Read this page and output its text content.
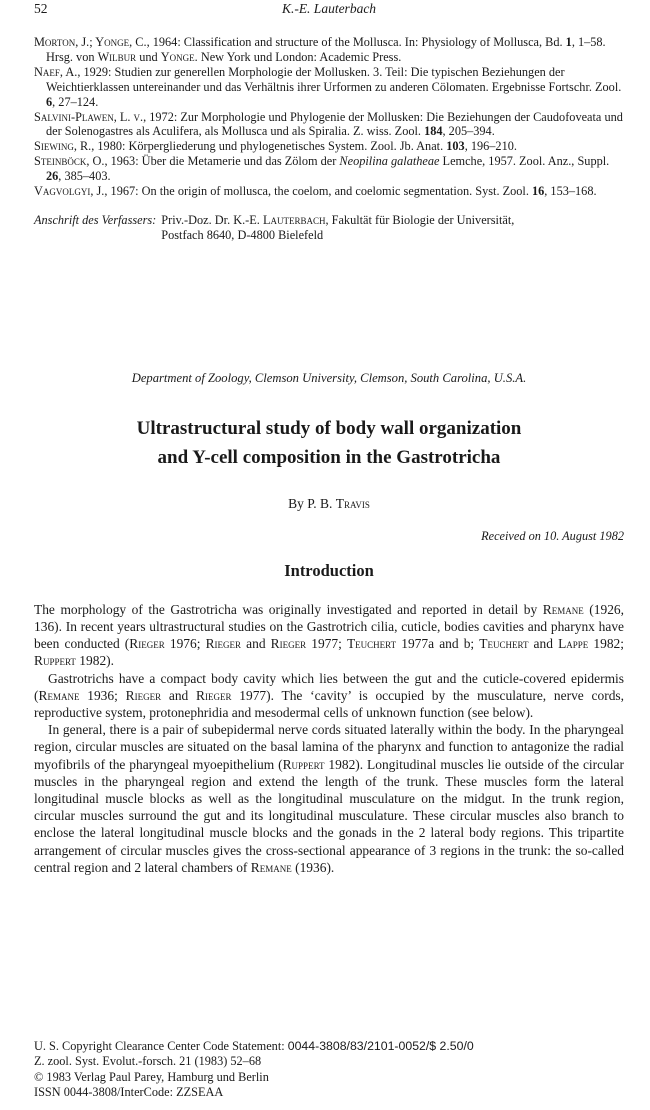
52	K.-E. Lauterbach
Morton, J.; Yonge, C., 1964: Classification and structure of the Mollusca. In: Physiology of Mollusca, Bd. 1, 1–58. Hrsg. von Wilbur und Yonge. New York und London: Academic Press.
Naef, A., 1929: Studien zur generellen Morphologie der Mollusken. 3. Teil: Die typischen Beziehungen der Weichtierklassen untereinander und das Verhältnis ihrer Urformen zu anderen Cölomaten. Ergebnisse Fortschr. Zool. 6, 27–124.
Salvini-Plawen, L. v., 1972: Zur Morphologie und Phylogenie der Mollusken: Die Beziehungen der Caudofoveata und der Solenogastres als Aculifera, als Mollusca und als Spiralia. Z. wiss. Zool. 184, 205–394.
Siewing, R., 1980: Körpergliederung und phylogenetisches System. Zool. Jb. Anat. 103, 196–210.
Steinböck, O., 1963: Über die Metamerie und das Zölom der Neopilina galatheae Lemche, 1957. Zool. Anz., Suppl. 26, 385–403.
Vagvolgyi, J., 1967: On the origin of mollusca, the coelom, and coelomic segmentation. Syst. Zool. 16, 153–168.
Anschrift des Verfassers: Priv.-Doz. Dr. K.-E. Lauterbach, Fakultät für Biologie der Universität,
Postfach 8640, D-4800 Bielefeld
Department of Zoology, Clemson University, Clemson, South Carolina, U.S.A.
Ultrastructural study of body wall organization
and Y-cell composition in the Gastrotricha
By P. B. Travis
Received on 10. August 1982
Introduction

The morphology of the Gastrotricha was originally investigated and reported in detail by Remane (1926, 136). In recent years ultrastructural studies on the Gastrotrich cilia, cuticle, bodies cavities and pharynx have been conducted (Rieger 1976; Rieger and Rieger 1977; Teuchert 1977a and b; Teuchert and Lappe 1982; Ruppert 1982).

Gastrotrichs have a compact body cavity which lies between the gut and the cuticle-covered epidermis (Remane 1936; Rieger and Rieger 1977). The ‘cavity’ is occupied by the musculature, nerve cords, reproductive system, protonephridia and mesodermal cells of unknown function (see below).

In general, there is a pair of subepidermal nerve cords situated laterally within the body. In the pharyngeal region, circular muscles are situated on the basal lamina of the pharynx and function to antagonize the radial myofibrils of the pharyngeal myoepithelium (Ruppert 1982). Longitudinal muscles lie outside of the circular muscles in the pharyngeal region and extend the length of the trunk. These muscles form the lateral longitudinal muscle blocks as well as the longitudinal musculature on the midgut. In the trunk region, circular muscles surround the gut and its longitudinal musculature. These circular muscles also branch to enclose the lateral longitudinal muscle blocks and the gonads in the 2 lateral body regions. This tripartite arrangement of circular muscles gives the cross-sectional appearance of 3 regions in the trunk: the so-called central region and 2 lateral chambers of Remane (1936).

U. S. Copyright Clearance Center Code Statement: 0044-3808/83/2101-0052/$ 2.50/0
Z. zool. Syst. Evolut.-forsch. 21 (1983) 52–68
© 1983 Verlag Paul Parey, Hamburg und Berlin
ISSN 0044-3808/InterCode: ZZSEAA
